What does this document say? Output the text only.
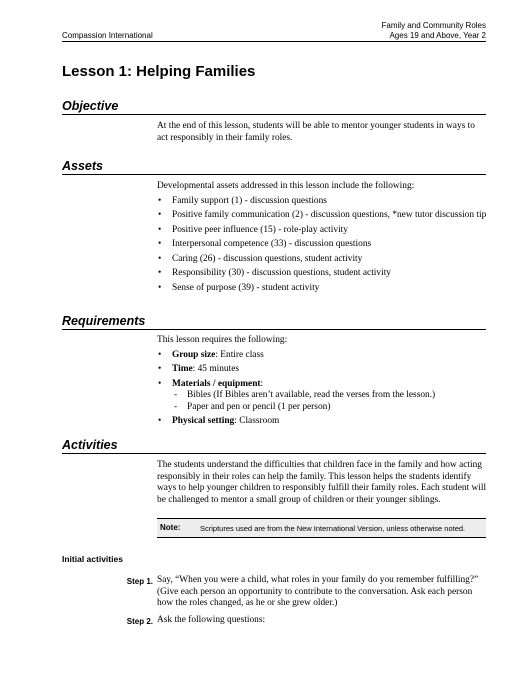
Compassion International
Family and Community Roles
Ages 19 and Above, Year 2
Lesson 1: Helping Families
Objective

At the end of this lesson, students will be able to mentor younger students in ways to act responsibly in their family roles.

Assets

Developmental assets addressed in this lesson include the following:

• Family support (1) - discussion questions
• Positive family communication (2) - discussion questions, *new tutor discussion tip
• Positive peer influence (15) - role-play activity
• Interpersonal competence (33) - discussion questions
• Caring (26) - discussion questions, student activity
• Responsibility (30) - discussion questions, student activity
• Sense of purpose (39) - student activity
Requirements

This lesson requires the following:

• Group size: Entire class
• Time: 45 minutes
• Materials / equipment:
- Bibles (If Bibles aren’t available, read the verses from the lesson.)
- Paper and pen or pencil (1 per person)
• Physical setting: Classroom
Activities

The students understand the difficulties that children face in the family and how acting responsibly in their roles can help the family. This lesson helps the students identify ways to help younger children to responsibly fulfill their family roles. Each student will be challenged to mentor a small group of children or their younger siblings.

Note:	Scriptures used are from the New International Version, unless otherwise noted.
Initial activities
Step 1. Say, “When you were a child, what roles in your family do you remember fulfilling?” (Give each person an opportunity to contribute to the conversation. Ask each person how the roles changed, as he or she grew older.)
Step 2. Ask the following questions:
